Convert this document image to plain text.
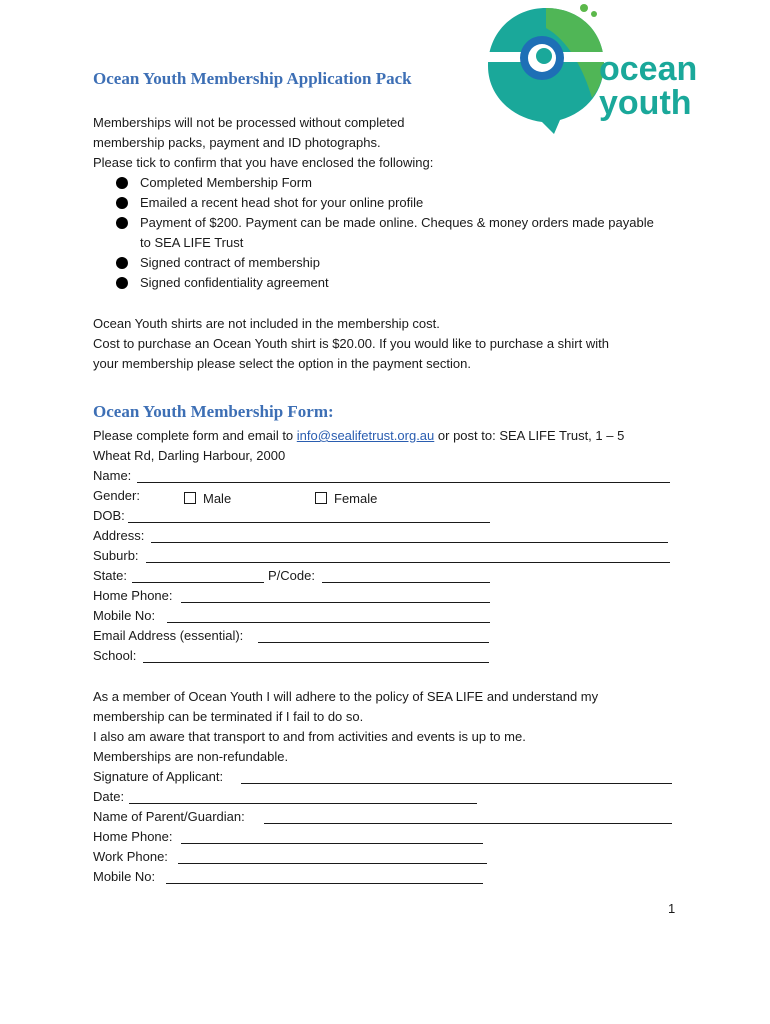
ocean
youth
Ocean Youth Membership Application Pack

Memberships will not be processed without completed

membership packs, payment and ID photographs.

Please tick to confirm that you have enclosed the following:

Completed Membership Form
Emailed a recent head shot for your online profile
Payment of $200. Payment can be made online. Cheques & money orders made payable to SEA LIFE Trust
Signed contract of membership
Signed confidentiality agreement

Ocean Youth shirts are not included in the membership cost.

Cost to purchase an Ocean Youth shirt is $20.00. If you would like to purchase a shirt with

your membership please select the option in the payment section.

Ocean Youth Membership Form:

Please complete form and email to info@sealifetrust.org.au or post to: SEA LIFE Trust, 1 – 5

Wheat Rd, Darling Harbour, 2000

Name:
Gender:	Male	Female
DOB:
Address:
Suburb:
State:	P/Code:
Home Phone:
Mobile No:
Email Address (essential):
School:

As a member of Ocean Youth I will adhere to the policy of SEA LIFE and understand my

membership can be terminated if I fail to do so.

I also am aware that transport to and from activities and events is up to me.

Memberships are non-refundable.

Signature of Applicant:
Date:
Name of Parent/Guardian:
Home Phone:
Work Phone:
Mobile No:
1
